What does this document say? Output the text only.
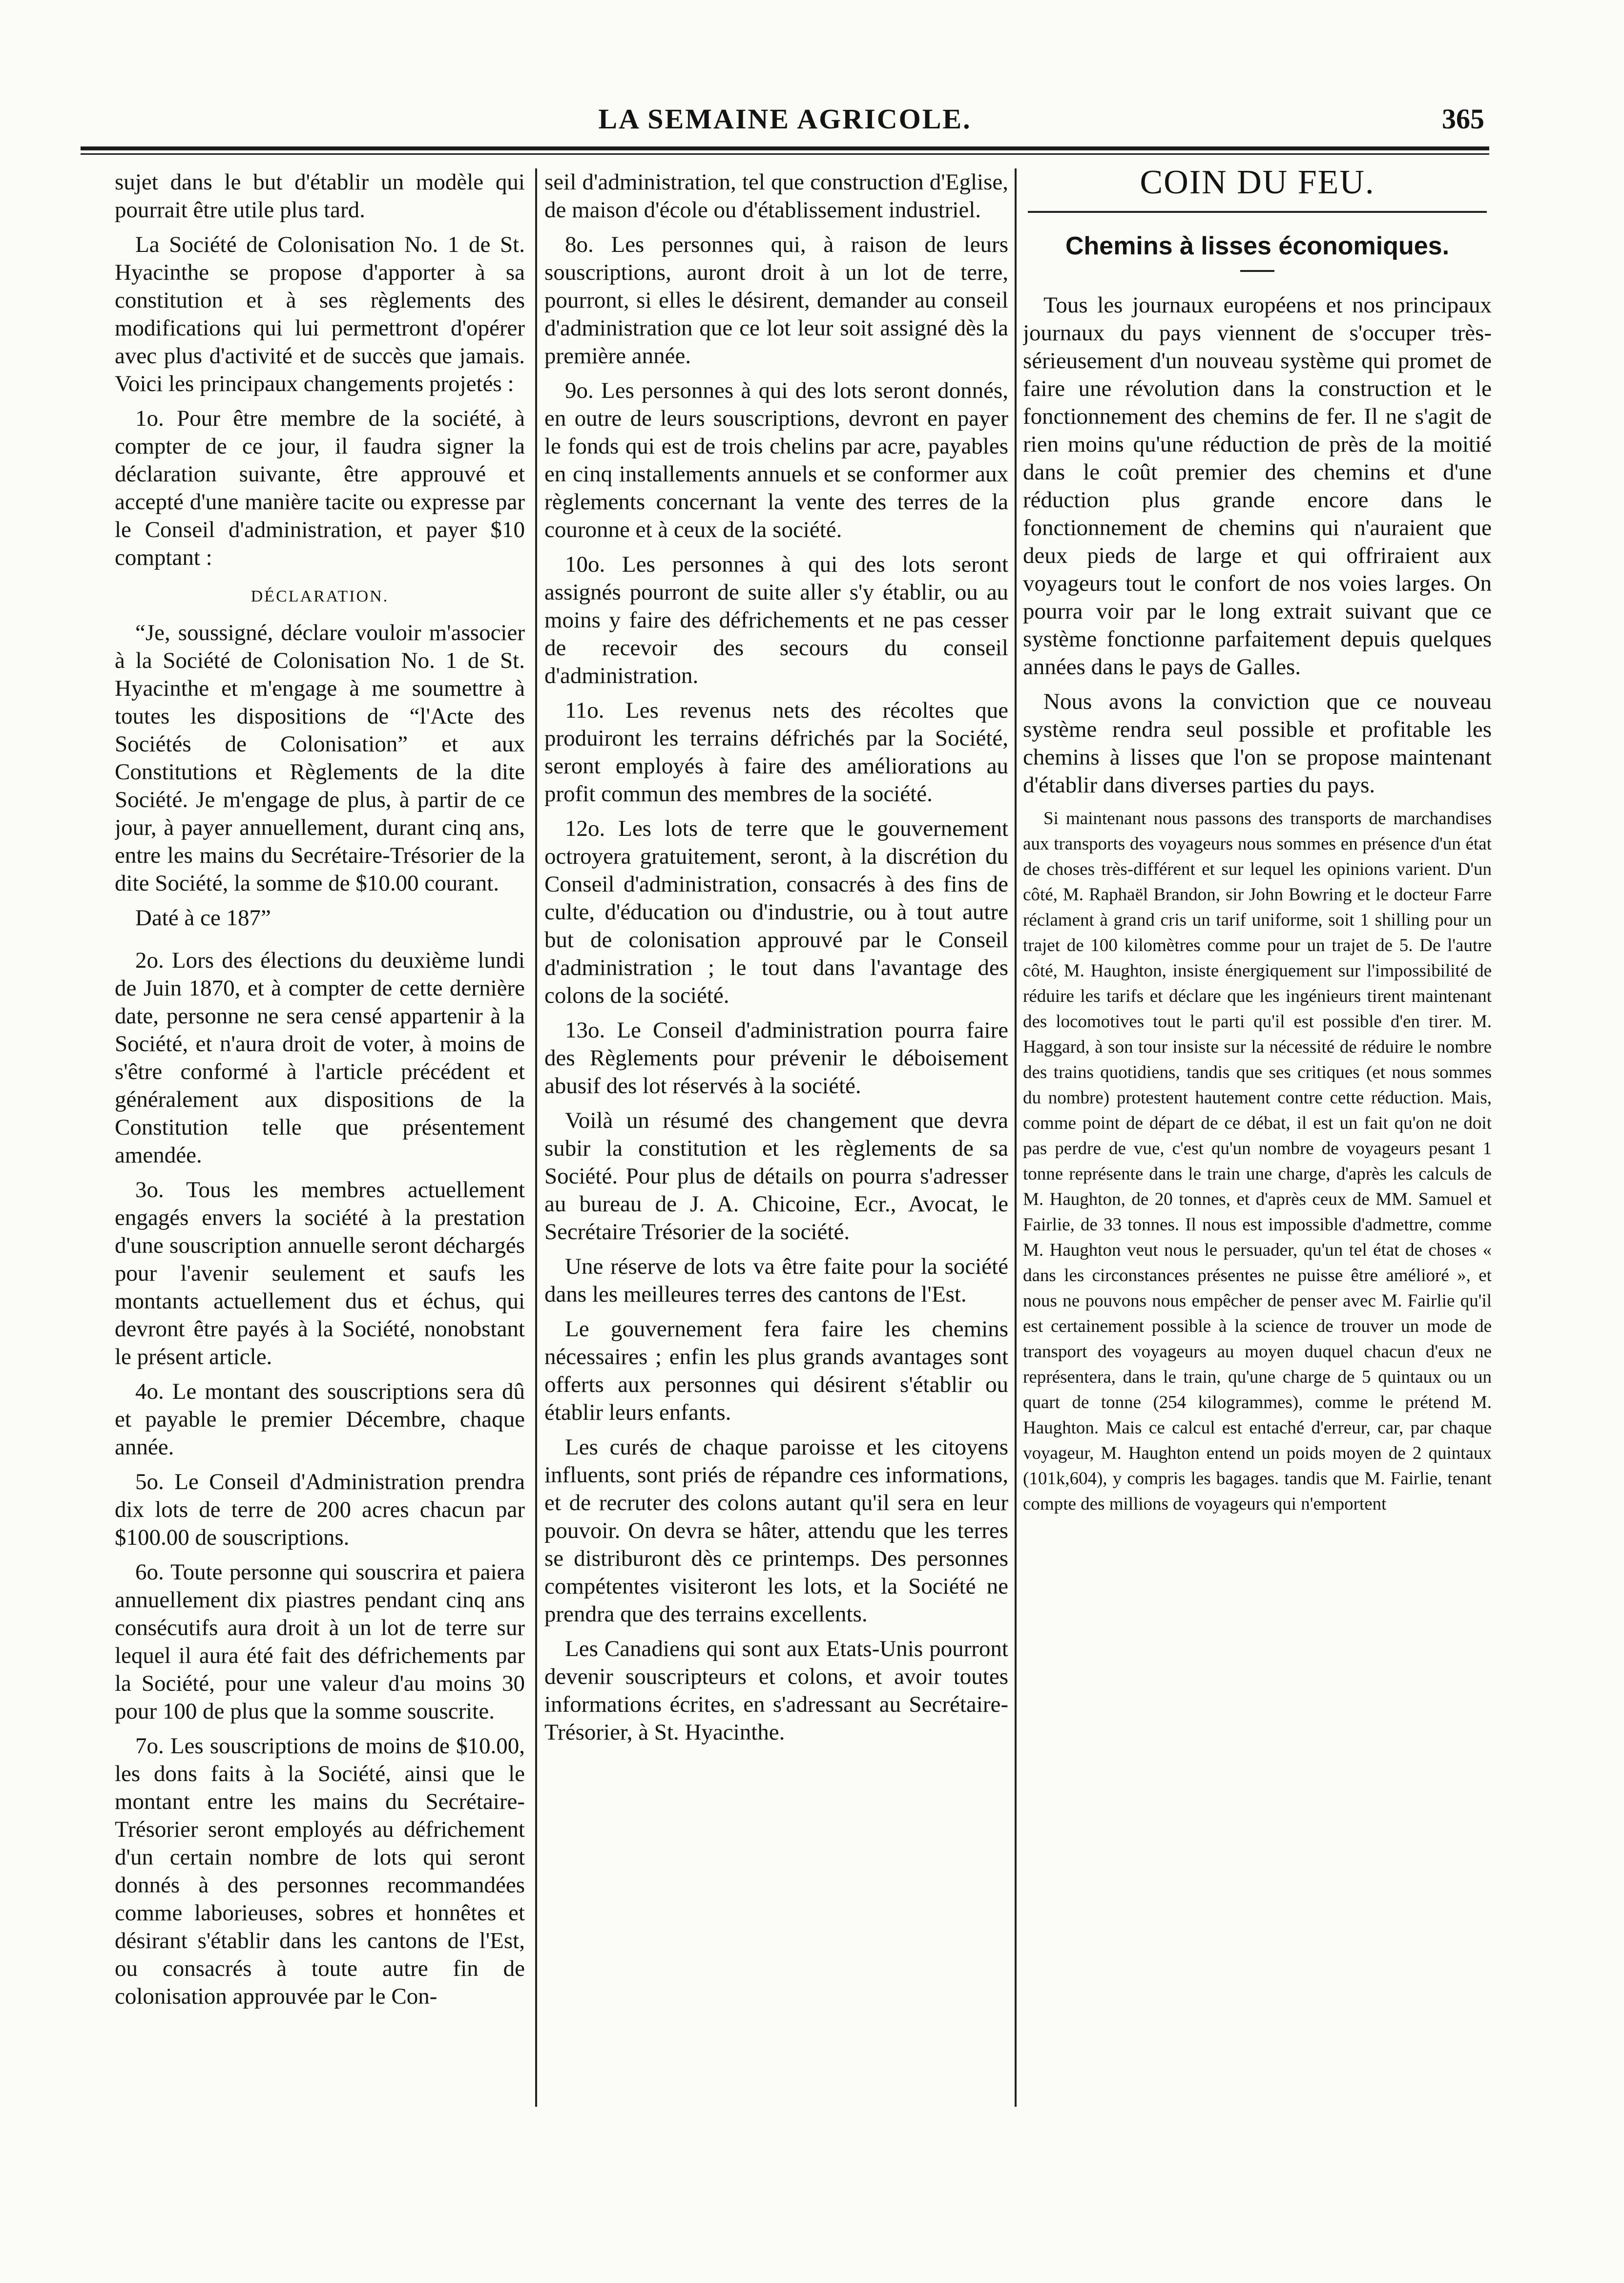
LA SEMAINE AGRICOLE.	365

sujet dans le but d'établir un modèle qui pourrait être utile plus tard.

La Société de Colonisation No. 1 de St. Hyacinthe se propose d'apporter à sa constitution et à ses règlements des modifications qui lui permettront d'opérer avec plus d'activité et de succès que jamais. Voici les principaux changements projetés :

1o. Pour être membre de la société, à compter de ce jour, il faudra signer la déclaration suivante, être approuvé et accepté d'une manière tacite ou expresse par le Conseil d'administration, et payer $10 comptant :

DÉCLARATION.

“Je, soussigné, déclare vouloir m'associer à la Société de Colonisation No. 1 de St. Hyacinthe et m'engage à me soumettre à toutes les dispositions de “l'Acte des Sociétés de Colonisation” et aux Constitutions et Règlements de la dite Société. Je m'engage de plus, à partir de ce jour, à payer annuellement, durant cinq ans, entre les mains du Secrétaire-Trésorier de la dite Société, la somme de $10.00 courant.

Daté à ce 187”

2o. Lors des élections du deuxième lundi de Juin 1870, et à compter de cette dernière date, personne ne sera censé appartenir à la Société, et n'aura droit de voter, à moins de s'être conformé à l'article précédent et généralement aux dispositions de la Constitution telle que présentement amendée.

3o. Tous les membres actuellement engagés envers la société à la prestation d'une souscription annuelle seront déchargés pour l'avenir seulement et saufs les montants actuellement dus et échus, qui devront être payés à la Société, nonobstant le présent article.

4o. Le montant des souscriptions sera dû et payable le premier Décembre, chaque année.

5o. Le Conseil d'Administration prendra dix lots de terre de 200 acres chacun par $100.00 de souscriptions.

6o. Toute personne qui souscrira et paiera annuellement dix piastres pendant cinq ans consécutifs aura droit à un lot de terre sur lequel il aura été fait des défrichements par la Société, pour une valeur d'au moins 30 pour 100 de plus que la somme souscrite.

7o. Les souscriptions de moins de $10.00, les dons faits à la Société, ainsi que le montant entre les mains du Secrétaire-Trésorier seront employés au défrichement d'un certain nombre de lots qui seront donnés à des personnes recommandées comme laborieuses, sobres et honnêtes et désirant s'établir dans les cantons de l'Est, ou consacrés à toute autre fin de colonisation approuvée par le Con-

seil d'administration, tel que construction d'Eglise, de maison d'école ou d'établissement industriel.

8o. Les personnes qui, à raison de leurs souscriptions, auront droit à un lot de terre, pourront, si elles le désirent, demander au conseil d'administration que ce lot leur soit assigné dès la première année.

9o. Les personnes à qui des lots seront donnés, en outre de leurs souscriptions, devront en payer le fonds qui est de trois chelins par acre, payables en cinq installements annuels et se conformer aux règlements concernant la vente des terres de la couronne et à ceux de la société.

10o. Les personnes à qui des lots seront assignés pourront de suite aller s'y établir, ou au moins y faire des défrichements et ne pas cesser de recevoir des secours du conseil d'administration.

11o. Les revenus nets des récoltes que produiront les terrains défrichés par la Société, seront employés à faire des améliorations au profit commun des membres de la société.

12o. Les lots de terre que le gouvernement octroyera gratuitement, seront, à la discrétion du Conseil d'administration, consacrés à des fins de culte, d'éducation ou d'industrie, ou à tout autre but de colonisation approuvé par le Conseil d'administration ; le tout dans l'avantage des colons de la société.

13o. Le Conseil d'administration pourra faire des Règlements pour prévenir le déboisement abusif des lot réservés à la société.

Voilà un résumé des changement que devra subir la constitution et les règlements de sa Société. Pour plus de détails on pourra s'adresser au bureau de J. A. Chicoine, Ecr., Avocat, le Secrétaire Trésorier de la société.

Une réserve de lots va être faite pour la société dans les meilleures terres des cantons de l'Est.

Le gouvernement fera faire les chemins nécessaires ; enfin les plus grands avantages sont offerts aux personnes qui désirent s'établir ou établir leurs enfants.

Les curés de chaque paroisse et les citoyens influents, sont priés de répandre ces informations, et de recruter des colons autant qu'il sera en leur pouvoir. On devra se hâter, attendu que les terres se distriburont dès ce printemps. Des personnes compétentes visiteront les lots, et la Société ne prendra que des terrains excellents.

Les Canadiens qui sont aux Etats-Unis pourront devenir souscripteurs et colons, et avoir toutes informations écrites, en s'adressant au Secrétaire-Trésorier, à St. Hyacinthe.

COIN DU FEU.
Chemins à lisses économiques.

Tous les journaux européens et nos principaux journaux du pays viennent de s'occuper très-sérieusement d'un nouveau système qui promet de faire une révolution dans la construction et le fonctionnement des chemins de fer. Il ne s'agit de rien moins qu'une réduction de près de la moitié dans le coût premier des chemins et d'une réduction plus grande encore dans le fonctionnement de chemins qui n'auraient que deux pieds de large et qui offriraient aux voyageurs tout le confort de nos voies larges. On pourra voir par le long extrait suivant que ce système fonctionne parfaitement depuis quelques années dans le pays de Galles.

Nous avons la conviction que ce nouveau système rendra seul possible et profitable les chemins à lisses que l'on se propose maintenant d'établir dans diverses parties du pays.

Si maintenant nous passons des transports de marchandises aux transports des voyageurs nous sommes en présence d'un état de choses très-différent et sur lequel les opinions varient. D'un côté, M. Raphaël Brandon, sir John Bowring et le docteur Farre réclament à grand cris un tarif uniforme, soit 1 shilling pour un trajet de 100 kilomètres comme pour un trajet de 5. De l'autre côté, M. Haughton, insiste énergiquement sur l'impossibilité de réduire les tarifs et déclare que les ingénieurs tirent maintenant des locomotives tout le parti qu'il est possible d'en tirer. M. Haggard, à son tour insiste sur la nécessité de réduire le nombre des trains quotidiens, tandis que ses critiques (et nous sommes du nombre) protestent hautement contre cette réduction. Mais, comme point de départ de ce débat, il est un fait qu'on ne doit pas perdre de vue, c'est qu'un nombre de voyageurs pesant 1 tonne représente dans le train une charge, d'après les calculs de M. Haughton, de 20 tonnes, et d'après ceux de MM. Samuel et Fairlie, de 33 tonnes. Il nous est impossible d'admettre, comme M. Haughton veut nous le persuader, qu'un tel état de choses « dans les circonstances présentes ne puisse être amélioré », et nous ne pouvons nous empêcher de penser avec M. Fairlie qu'il est certainement possible à la science de trouver un mode de transport des voyageurs au moyen duquel chacun d'eux ne représentera, dans le train, qu'une charge de 5 quintaux ou un quart de tonne (254 kilogrammes), comme le prétend M. Haughton. Mais ce calcul est entaché d'erreur, car, par chaque voyageur, M. Haughton entend un poids moyen de 2 quintaux (101k,604), y compris les bagages. tandis que M. Fairlie, tenant compte des millions de voyageurs qui n'emportent
